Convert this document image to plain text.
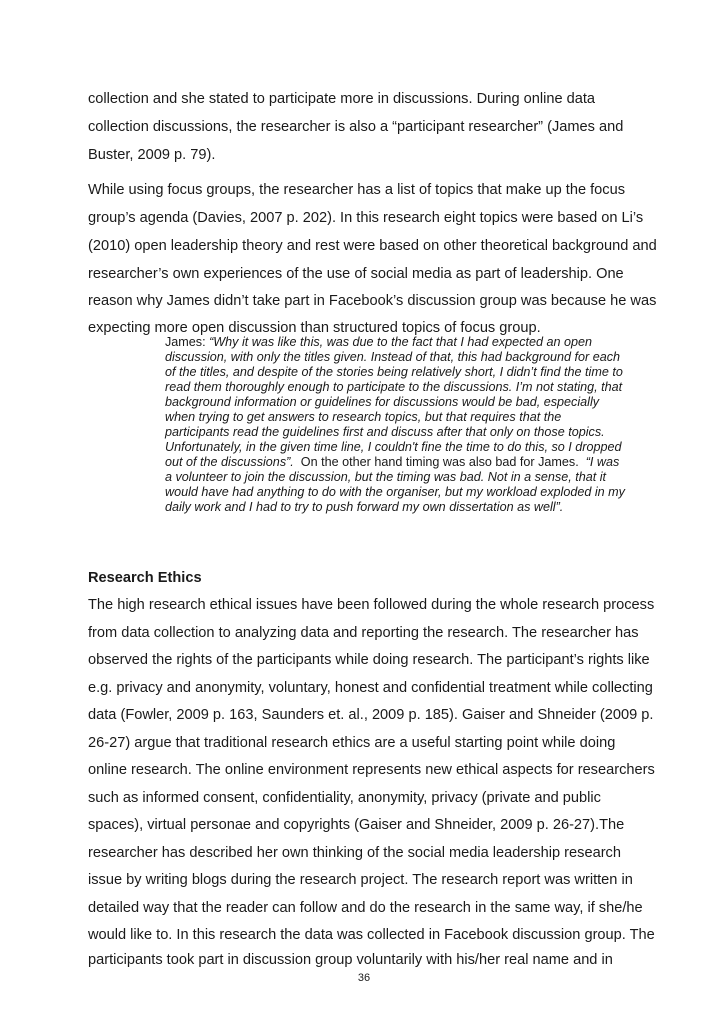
collection and she stated to participate more in discussions. During online data
collection discussions, the researcher is also a “participant researcher” (James and
Buster, 2009 p. 79).
While using focus groups, the researcher has a list of topics that make up the focus
group’s agenda (Davies, 2007 p. 202). In this research eight topics were based on Li’s
(2010) open leadership theory and rest were based on other theoretical background and
researcher’s own experiences of the use of social media as part of leadership. One
reason why James didn’t take part in Facebook’s discussion group was because he was
expecting more open discussion than structured topics of focus group.
James: “Why it was like this, was due to the fact that I had expected an open
discussion, with only the titles given. Instead of that, this had background for each
of the titles, and despite of the stories being relatively short, I didn’t find the time to
read them thoroughly enough to participate to the discussions. I’m not stating, that
background information or guidelines for discussions would be bad, especially
when trying to get answers to research topics, but that requires that the
participants read the guidelines first and discuss after that only on those topics.
Unfortunately, in the given time line, I couldn't fine the time to do this, so I dropped
out of the discussions”.  On the other hand timing was also bad for James.  “I was
a volunteer to join the discussion, but the timing was bad. Not in a sense, that it
would have had anything to do with the organiser, but my workload exploded in my
daily work and I had to try to push forward my own dissertation as well”.
Research Ethics
The high research ethical issues have been followed during the whole research process
from data collection to analyzing data and reporting the research. The researcher has
observed the rights of the participants while doing research. The participant’s rights like
e.g. privacy and anonymity, voluntary, honest and confidential treatment while collecting
data (Fowler, 2009 p. 163, Saunders et. al., 2009 p. 185). Gaiser and Shneider (2009 p.
26-27) argue that traditional research ethics are a useful starting point while doing
online research. The online environment represents new ethical aspects for researchers
such as informed consent, confidentiality, anonymity, privacy (private and public
spaces), virtual personae and copyrights (Gaiser and Shneider, 2009 p. 26-27).The
researcher has described her own thinking of the social media leadership research
issue by writing blogs during the research project. The research report was written in
detailed way that the reader can follow and do the research in the same way, if she/he
would like to. In this research the data was collected in Facebook discussion group. The
participants took part in discussion group voluntarily with his/her real name and in
36
